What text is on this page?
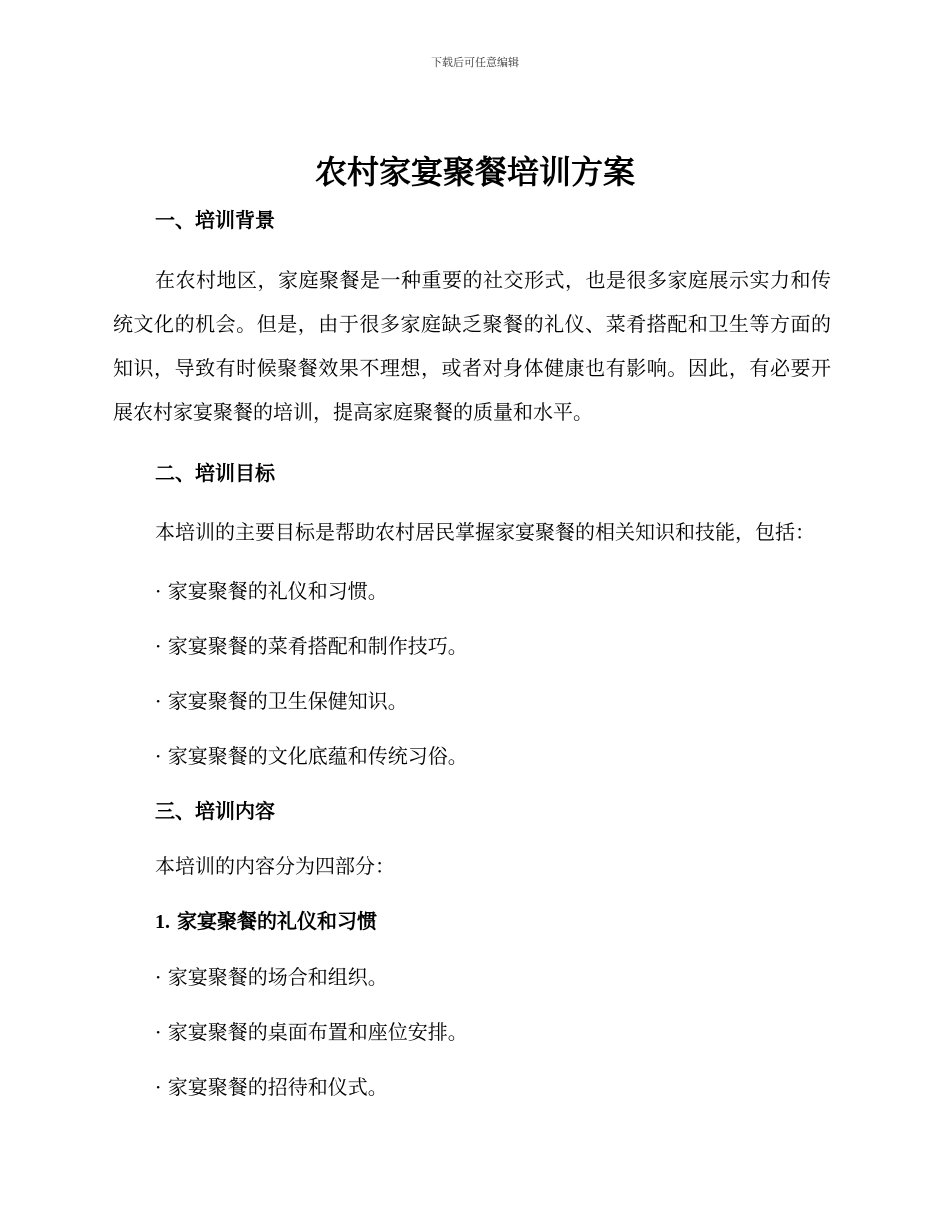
下载后可任意编辑
农村家宴聚餐培训方案
一、培训背景
在农村地区，家庭聚餐是一种重要的社交形式，也是很多家庭展示实力和传统文化的机会。但是，由于很多家庭缺乏聚餐的礼仪、菜肴搭配和卫生等方面的知识，导致有时候聚餐效果不理想，或者对身体健康也有影响。因此，有必要开展农村家宴聚餐的培训，提高家庭聚餐的质量和水平。
二、培训目标
本培训的主要目标是帮助农村居民掌握家宴聚餐的相关知识和技能，包括：
· 家宴聚餐的礼仪和习惯。
· 家宴聚餐的菜肴搭配和制作技巧。
· 家宴聚餐的卫生保健知识。
· 家宴聚餐的文化底蕴和传统习俗。
三、培训内容
本培训的内容分为四部分：
1. 家宴聚餐的礼仪和习惯
· 家宴聚餐的场合和组织。
· 家宴聚餐的桌面布置和座位安排。
· 家宴聚餐的招待和仪式。
